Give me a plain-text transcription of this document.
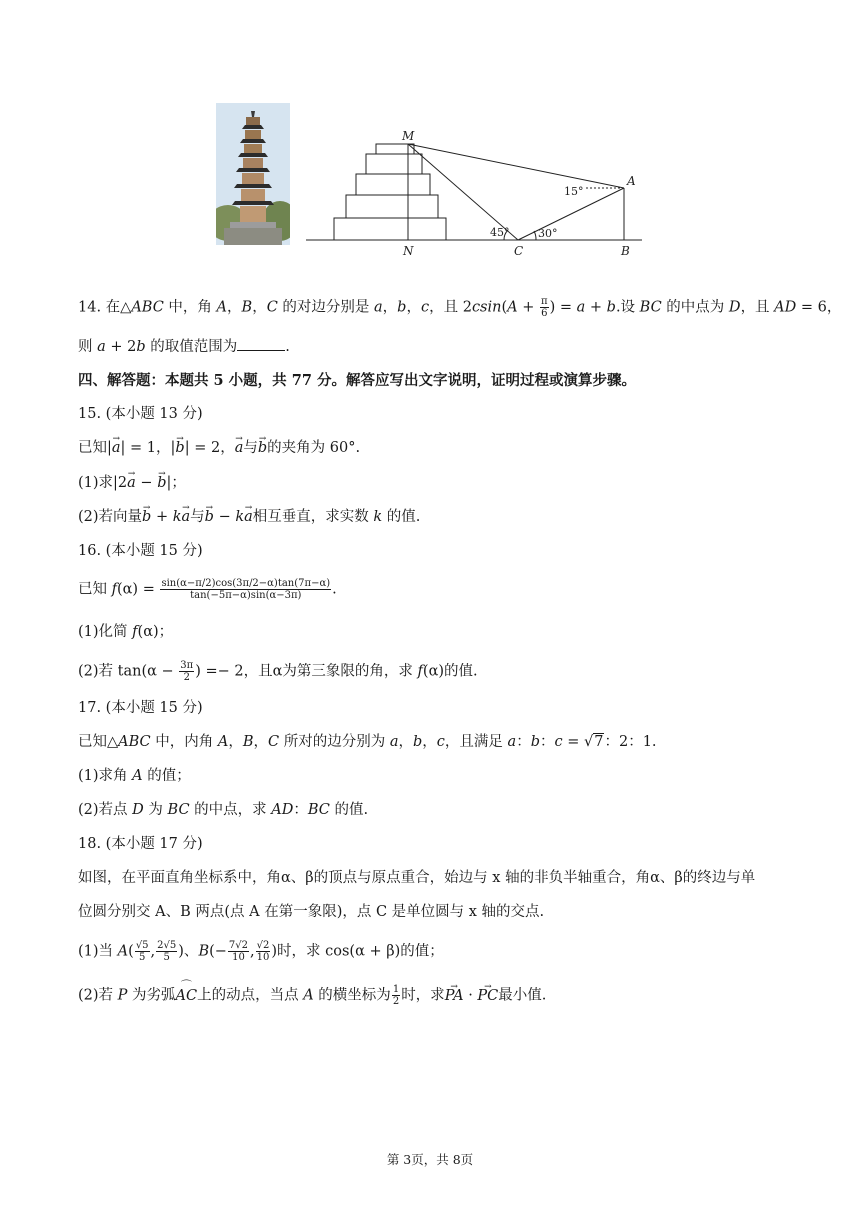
M
N	C	B
A
15°
45°	30°
14. 在△ABC 中，角 A，B，C 的对边分别是 a，b，c，且 $2csin(A + \frac{\pi}{6}$ ) = a + b.设 BC 的中点为 D，且 AD = 6，
则 a + 2b 的取值范围为	.
四、解答题：本题共 5 小题，共 77 分。解答应写出文字说明，证明过程或演算步骤。
15. (本小题 13 分)
已知|→ a| = 1，|→ b| = 2，→ a与→ b的夹角为 60°.
(1)求|2→ a − → b|；
(2)若向量→ b + k→ a与→ b − k→ a相互垂直，求实数 k 的值.
16. (本小题 15 分)
已知 $f(\alpha) = \frac{\sin(\alpha-\pi/2)\cos(3\pi/2-\alpha)\tan(7\pi-\alpha)}{\tan(-5\pi-\alpha)\sin(\alpha-3\pi)}$ .
(1)化简 f(α)；
(2)若 $\tan(\alpha - \frac{3\pi}{2}$ ) =− 2，且α为第三象限的角，求 f(α)的值.
17. (本小题 15 分)
已知△ABC 中，内角 A，B，C 所对的边分别为 a，b，c，且满足 a：b：c = √7：2：1.
(1)求角 A 的值；
(2)若点 D 为 BC 的中点，求 AD：BC 的值.
18. (本小题 17 分)
如图，在平面直角坐标系中，角α、β的顶点与原点重合，始边与 x 轴的非负半轴重合，角α、β的终边与单
位圆分别交 A、B 两点(点 A 在第一象限)，点 C 是单位圆与 x 轴的交点.
(1)当 $A( \frac{√5}{5}$ , $\frac{2√5}{5}$ )、$B(- \frac{7√2}{10}$ , $\frac{√2}{10}$ )时，求 cos(α + β)的值；
(2)若 P 为劣弧⌒ AC上的动点，当点 A 的横坐标为 $\frac{1}{2}$ 时，求→ PA · → PC最小值.
第 3页，共 8页
